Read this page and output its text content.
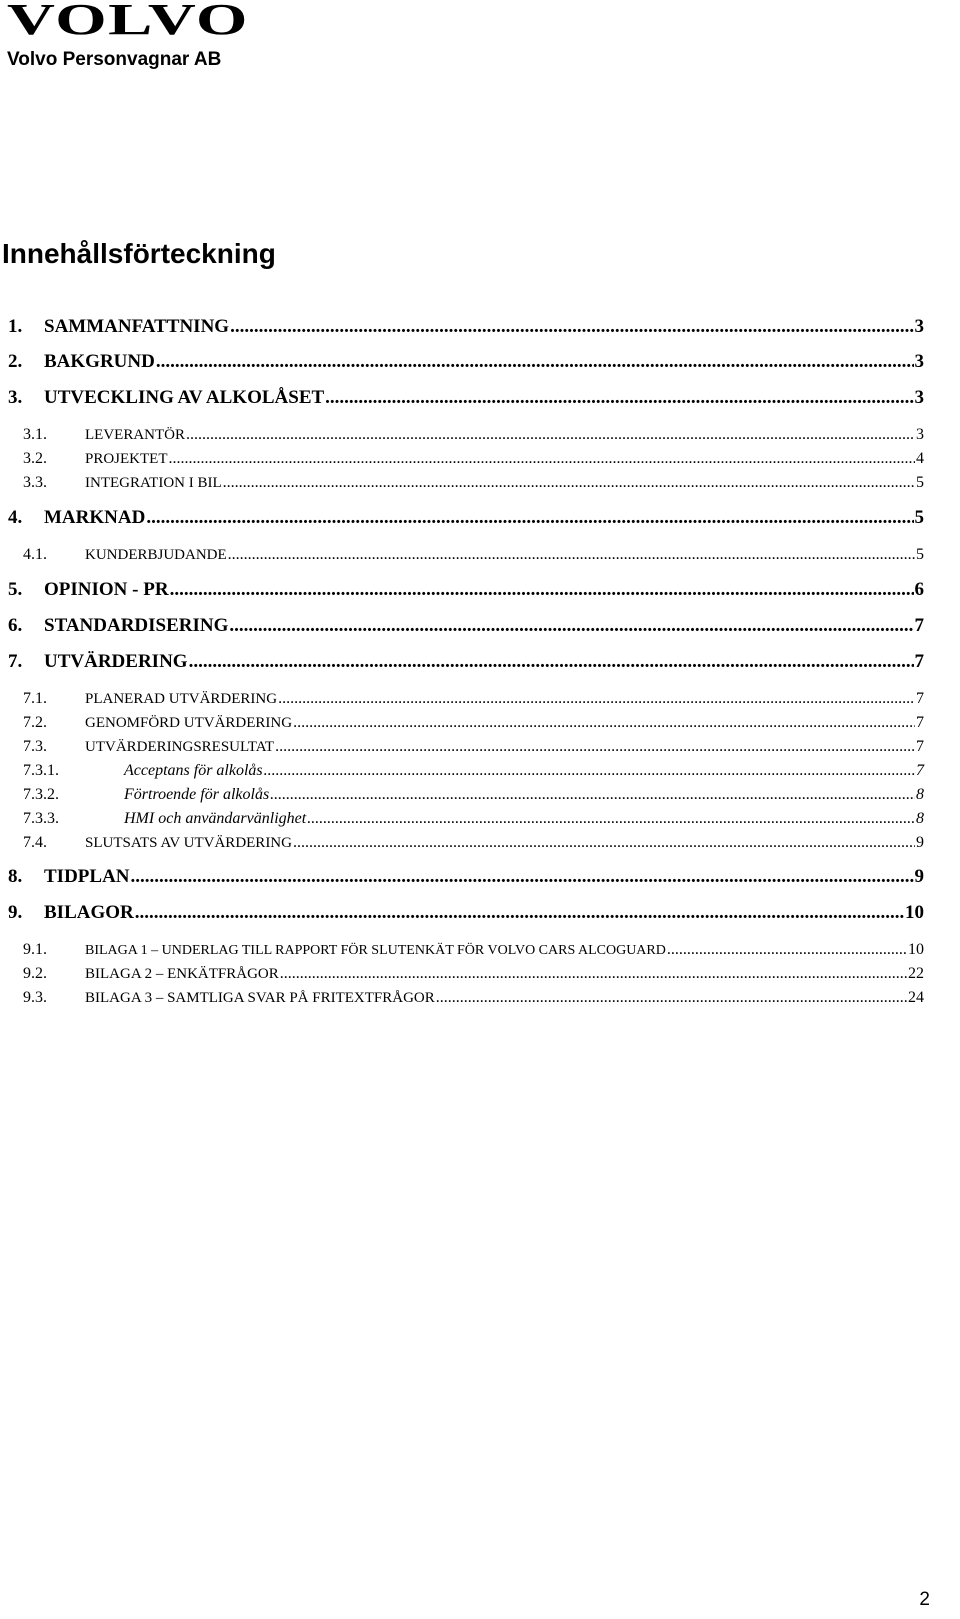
VOLVO
Volvo Personvagnar AB
Innehållsförteckning
1.	SAMMANFATTNING .....	3
2.	BAKGRUND .....	3
3.	UTVECKLING AV ALKOLÅSET .....	3
3.1.	LEVERANTÖR .....	3
3.2.	PROJEKTET .....	4
3.3.	INTEGRATION I BIL .....	5
4.	MARKNAD .....	5
4.1.	KUNDERBJUDANDE .....	5
5.	OPINION - PR .....	6
6.	STANDARDISERING .....	7
7.	UTVÄRDERING .....	7
7.1.	PLANERAD UTVÄRDERING .....	7
7.2.	GENOMFÖRD UTVÄRDERING .....	7
7.3.	UTVÄRDERINGSRESULTAT .....	7
7.3.1.	Acceptans för alkolås .....	7
7.3.2.	Förtroende för alkolås .....	8
7.3.3.	HMI och användarvänlighet .....	8
7.4.	SLUTSATS AV UTVÄRDERING .....	9
8.	TIDPLAN .....	9
9.	BILAGOR .....	10
9.1.	BILAGA 1 – UNDERLAG TILL RAPPORT FÖR SLUTENKÄT FÖR VOLVO CARS ALCOGUARD .....	10
9.2.	BILAGA 2 – ENKÄTFRÅGOR .....	22
9.3.	BILAGA 3 – SAMTLIGA SVAR PÅ FRITEXTFRÅGOR .....	24
2
